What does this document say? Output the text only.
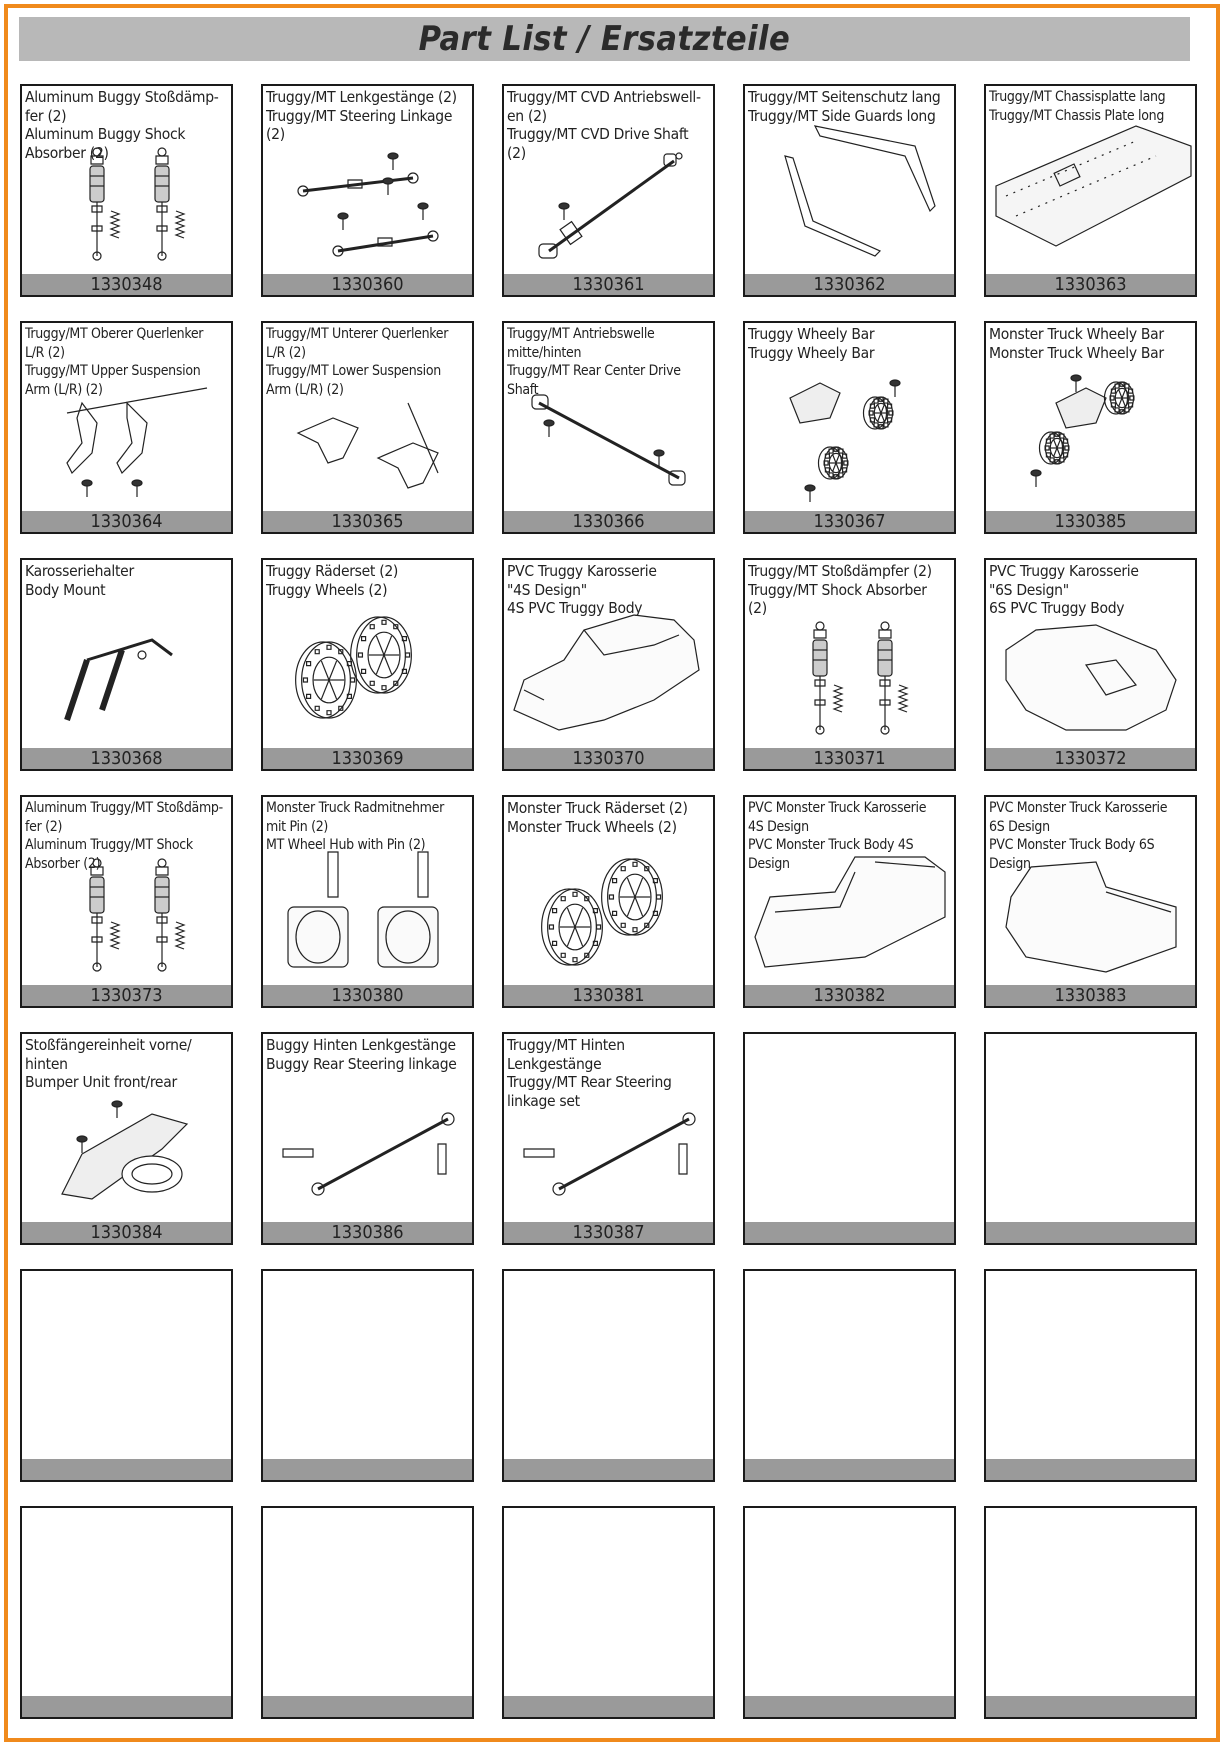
Part List / Ersatzteile
Aluminum Buggy Stoßdämp-
fer (2)
Aluminum Buggy Shock
Absorber (2)
1330348
Truggy/MT Lenkgestänge (2)
Truggy/MT Steering Linkage
(2)
1330360
Truggy/MT CVD Antriebswell-
en (2)
Truggy/MT CVD Drive Shaft
(2)
1330361
Truggy/MT Seitenschutz lang
Truggy/MT Side Guards long
1330362
Truggy/MT Chassisplatte lang
Truggy/MT Chassis Plate long
1330363
Truggy/MT Oberer Querlenker
L/R (2)
Truggy/MT Upper Suspension
Arm (L/R) (2)
1330364
Truggy/MT Unterer Querlenker
L/R (2)
Truggy/MT Lower Suspension
Arm (L/R) (2)
1330365
Truggy/MT Antriebswelle
mitte/hinten
Truggy/MT Rear Center Drive
Shaft
1330366
Truggy Wheely Bar
Truggy Wheely Bar
1330367
Monster Truck Wheely Bar
Monster Truck Wheely Bar
1330385
Karosseriehalter
Body Mount
1330368
Truggy Räderset (2)
Truggy Wheels (2)
1330369
PVC Truggy Karosserie
"4S Design"
4S PVC Truggy Body
1330370
Truggy/MT Stoßdämpfer (2)
Truggy/MT Shock Absorber
(2)
1330371
PVC Truggy Karosserie
"6S Design"
6S PVC Truggy Body
1330372
Aluminum Truggy/MT Stoßdämp-
fer (2)
Aluminum Truggy/MT Shock
Absorber (2)
1330373
Monster Truck Radmitnehmer
mit Pin (2)
MT Wheel Hub with Pin (2)
1330380
Monster Truck Räderset (2)
Monster Truck Wheels (2)
1330381
PVC Monster Truck Karosserie
4S Design
PVC Monster Truck Body 4S
Design
1330382
PVC Monster Truck Karosserie
6S Design
PVC Monster Truck Body 6S
Design
1330383
Stoßfängereinheit vorne/
hinten
Bumper Unit front/rear
1330384
Buggy Hinten Lenkgestänge
Buggy Rear Steering linkage
1330386
Truggy/MT Hinten
Lenkgestänge
Truggy/MT Rear Steering
linkage set
1330387
